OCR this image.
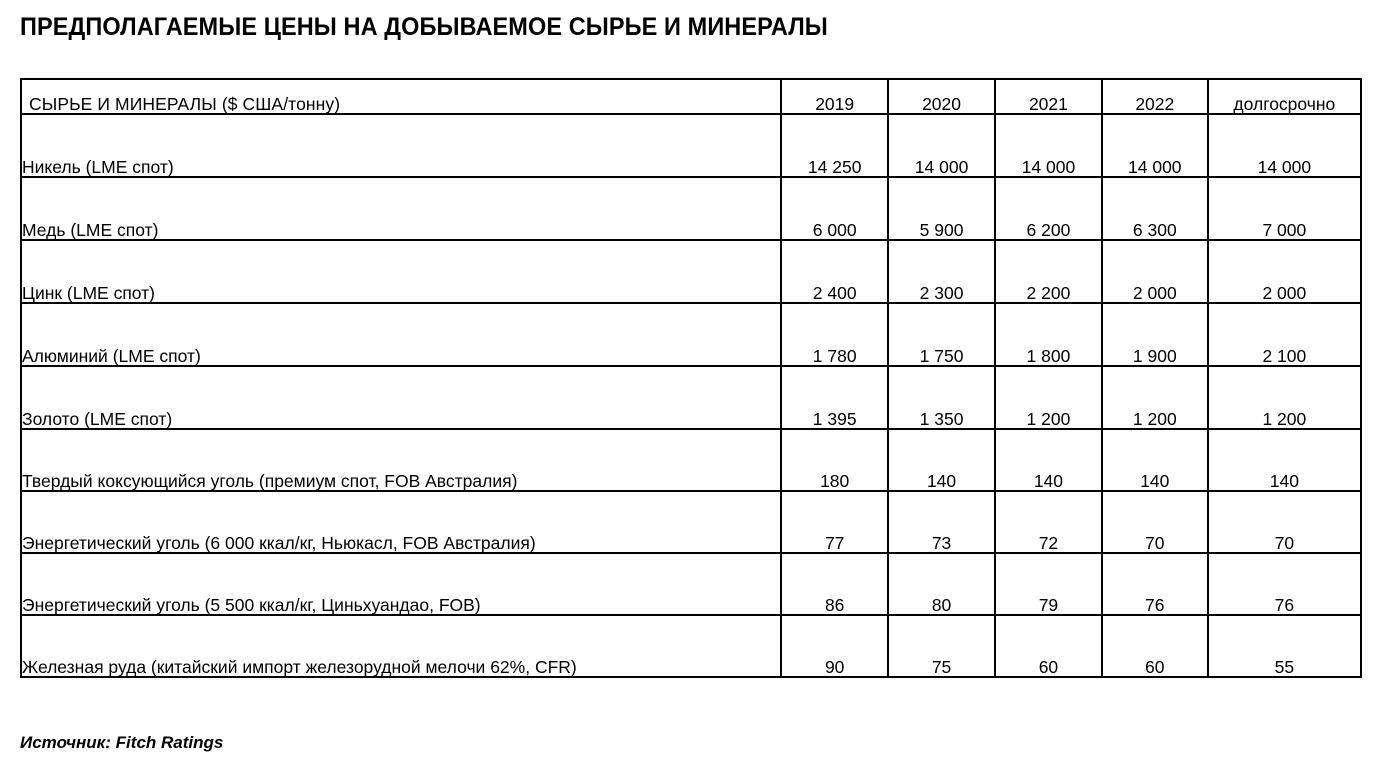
ПРЕДПОЛАГАЕМЫЕ ЦЕНЫ НА ДОБЫВАЕМОЕ СЫРЬЕ И МИНЕРАЛЫ
СЫРЬЕ И МИНЕРАЛЫ ($ США/тонну)	2019	2020	2021	2022	долгосрочно
Никель (LME спот)	14 250	14 000	14 000	14 000	14 000
Медь (LME спот)	6 000	5 900	6 200	6 300	7 000
Цинк (LME спот)	2 400	2 300	2 200	2 000	2 000
Алюминий (LME спот)	1 780	1 750	1 800	1 900	2 100
Золото (LME спот)	1 395	1 350	1 200	1 200	1 200
Твердый коксующийся уголь (премиум спот, FOB Австралия)	180	140	140	140	140
Энергетический уголь (6 000 ккал/кг, Ньюкасл, FOB Австралия)	77	73	72	70	70
Энергетический уголь (5 500 ккал/кг, Циньхуандао, FOB)	86	80	79	76	76
Железная руда (китайский импорт железорудной мелочи 62%, CFR)	90	75	60	60	55
Источник: Fitch Ratings
